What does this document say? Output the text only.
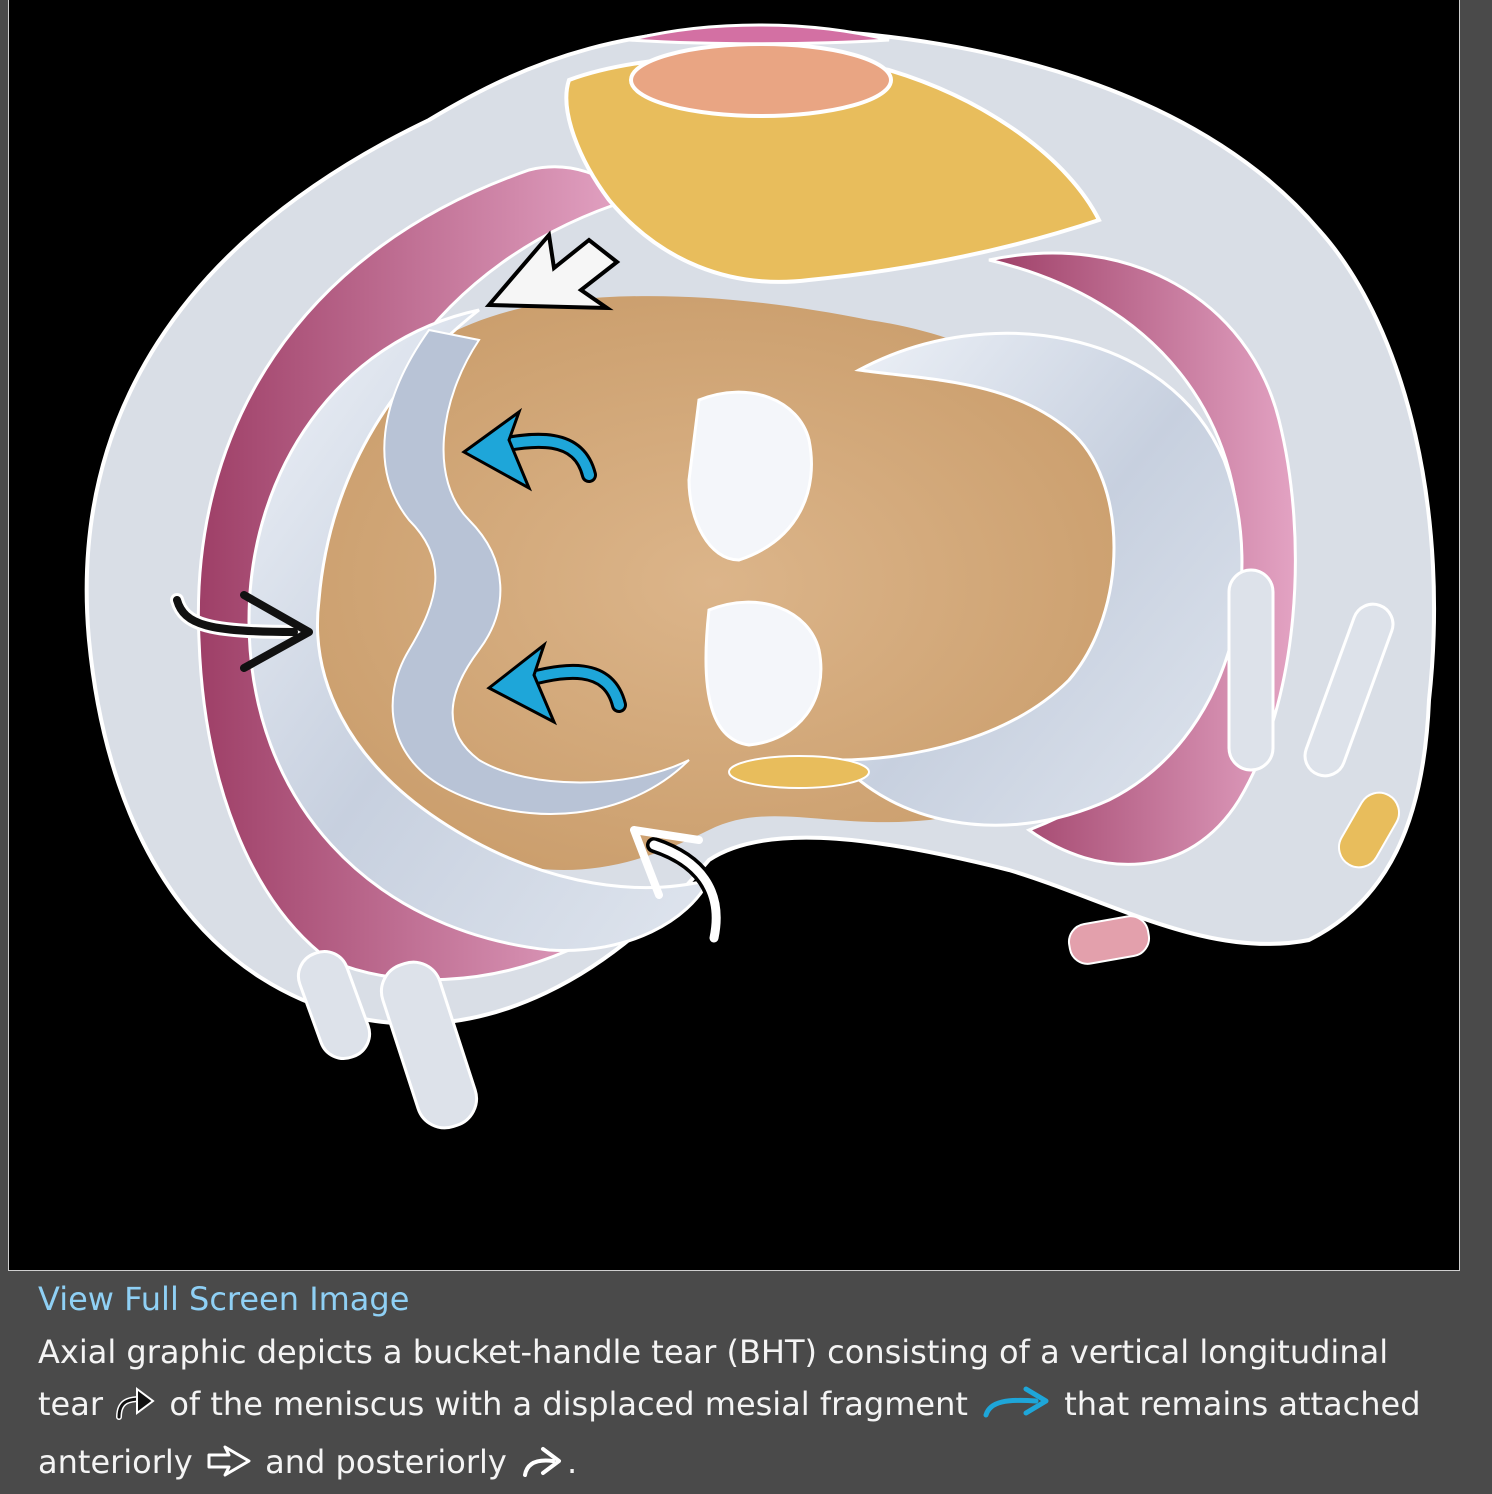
View Full Screen Image
Axial graphic depicts a bucket-handle tear (BHT) consisting of a vertical longitudinal tear of the meniscus with a displaced mesial fragment	that remains attached anteriorly and posteriorly .
